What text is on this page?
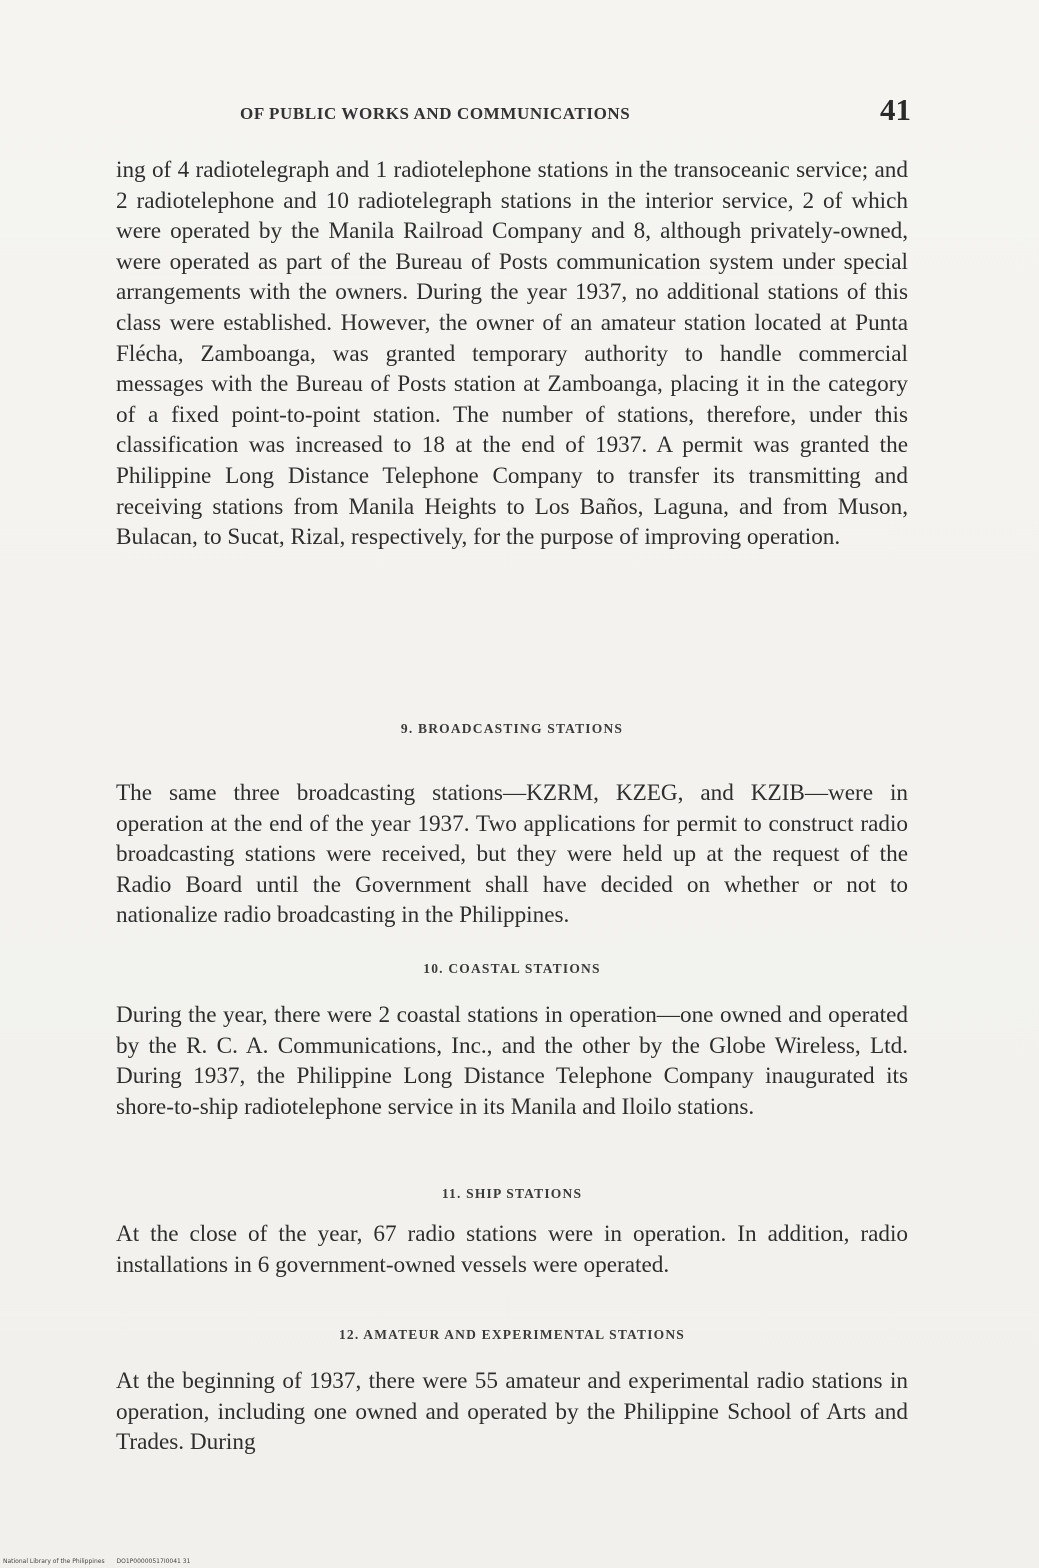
OF PUBLIC WORKS AND COMMUNICATIONS	41

ing of 4 radiotelegraph and 1 radiotelephone stations in the transoceanic service; and 2 radiotelephone and 10 radiotelegraph stations in the interior service, 2 of which were operated by the Manila Railroad Company and 8, although privately-owned, were operated as part of the Bureau of Posts communication system under special arrangements with the owners. During the year 1937, no additional stations of this class were established. However, the owner of an amateur station located at Punta Flécha, Zamboanga, was granted temporary authority to handle commercial messages with the Bureau of Posts station at Zamboanga, placing it in the category of a fixed point-to-point station. The number of stations, therefore, under this classification was increased to 18 at the end of 1937. A permit was granted the Philippine Long Distance Telephone Company to transfer its transmitting and receiving stations from Manila Heights to Los Baños, Laguna, and from Muson, Bulacan, to Sucat, Rizal, respectively, for the purpose of improving operation.

9. BROADCASTING STATIONS

The same three broadcasting stations—KZRM, KZEG, and KZIB—were in operation at the end of the year 1937. Two applications for permit to construct radio broadcasting stations were received, but they were held up at the request of the Radio Board until the Government shall have decided on whether or not to nationalize radio broadcasting in the Philippines.

10. COASTAL STATIONS

During the year, there were 2 coastal stations in operation—one owned and operated by the R. C. A. Communications, Inc., and the other by the Globe Wireless, Ltd. During 1937, the Philippine Long Distance Telephone Company inaugurated its shore-to-ship radiotelephone service in its Manila and Iloilo stations.

11. SHIP STATIONS

At the close of the year, 67 radio stations were in operation. In addition, radio installations in 6 government-owned vessels were operated.

12. AMATEUR AND EXPERIMENTAL STATIONS

At the beginning of 1937, there were 55 amateur and experimental radio stations in operation, including one owned and operated by the Philippine School of Arts and Trades. During

National Library of the Philippines DO1P00000517I0041 31
